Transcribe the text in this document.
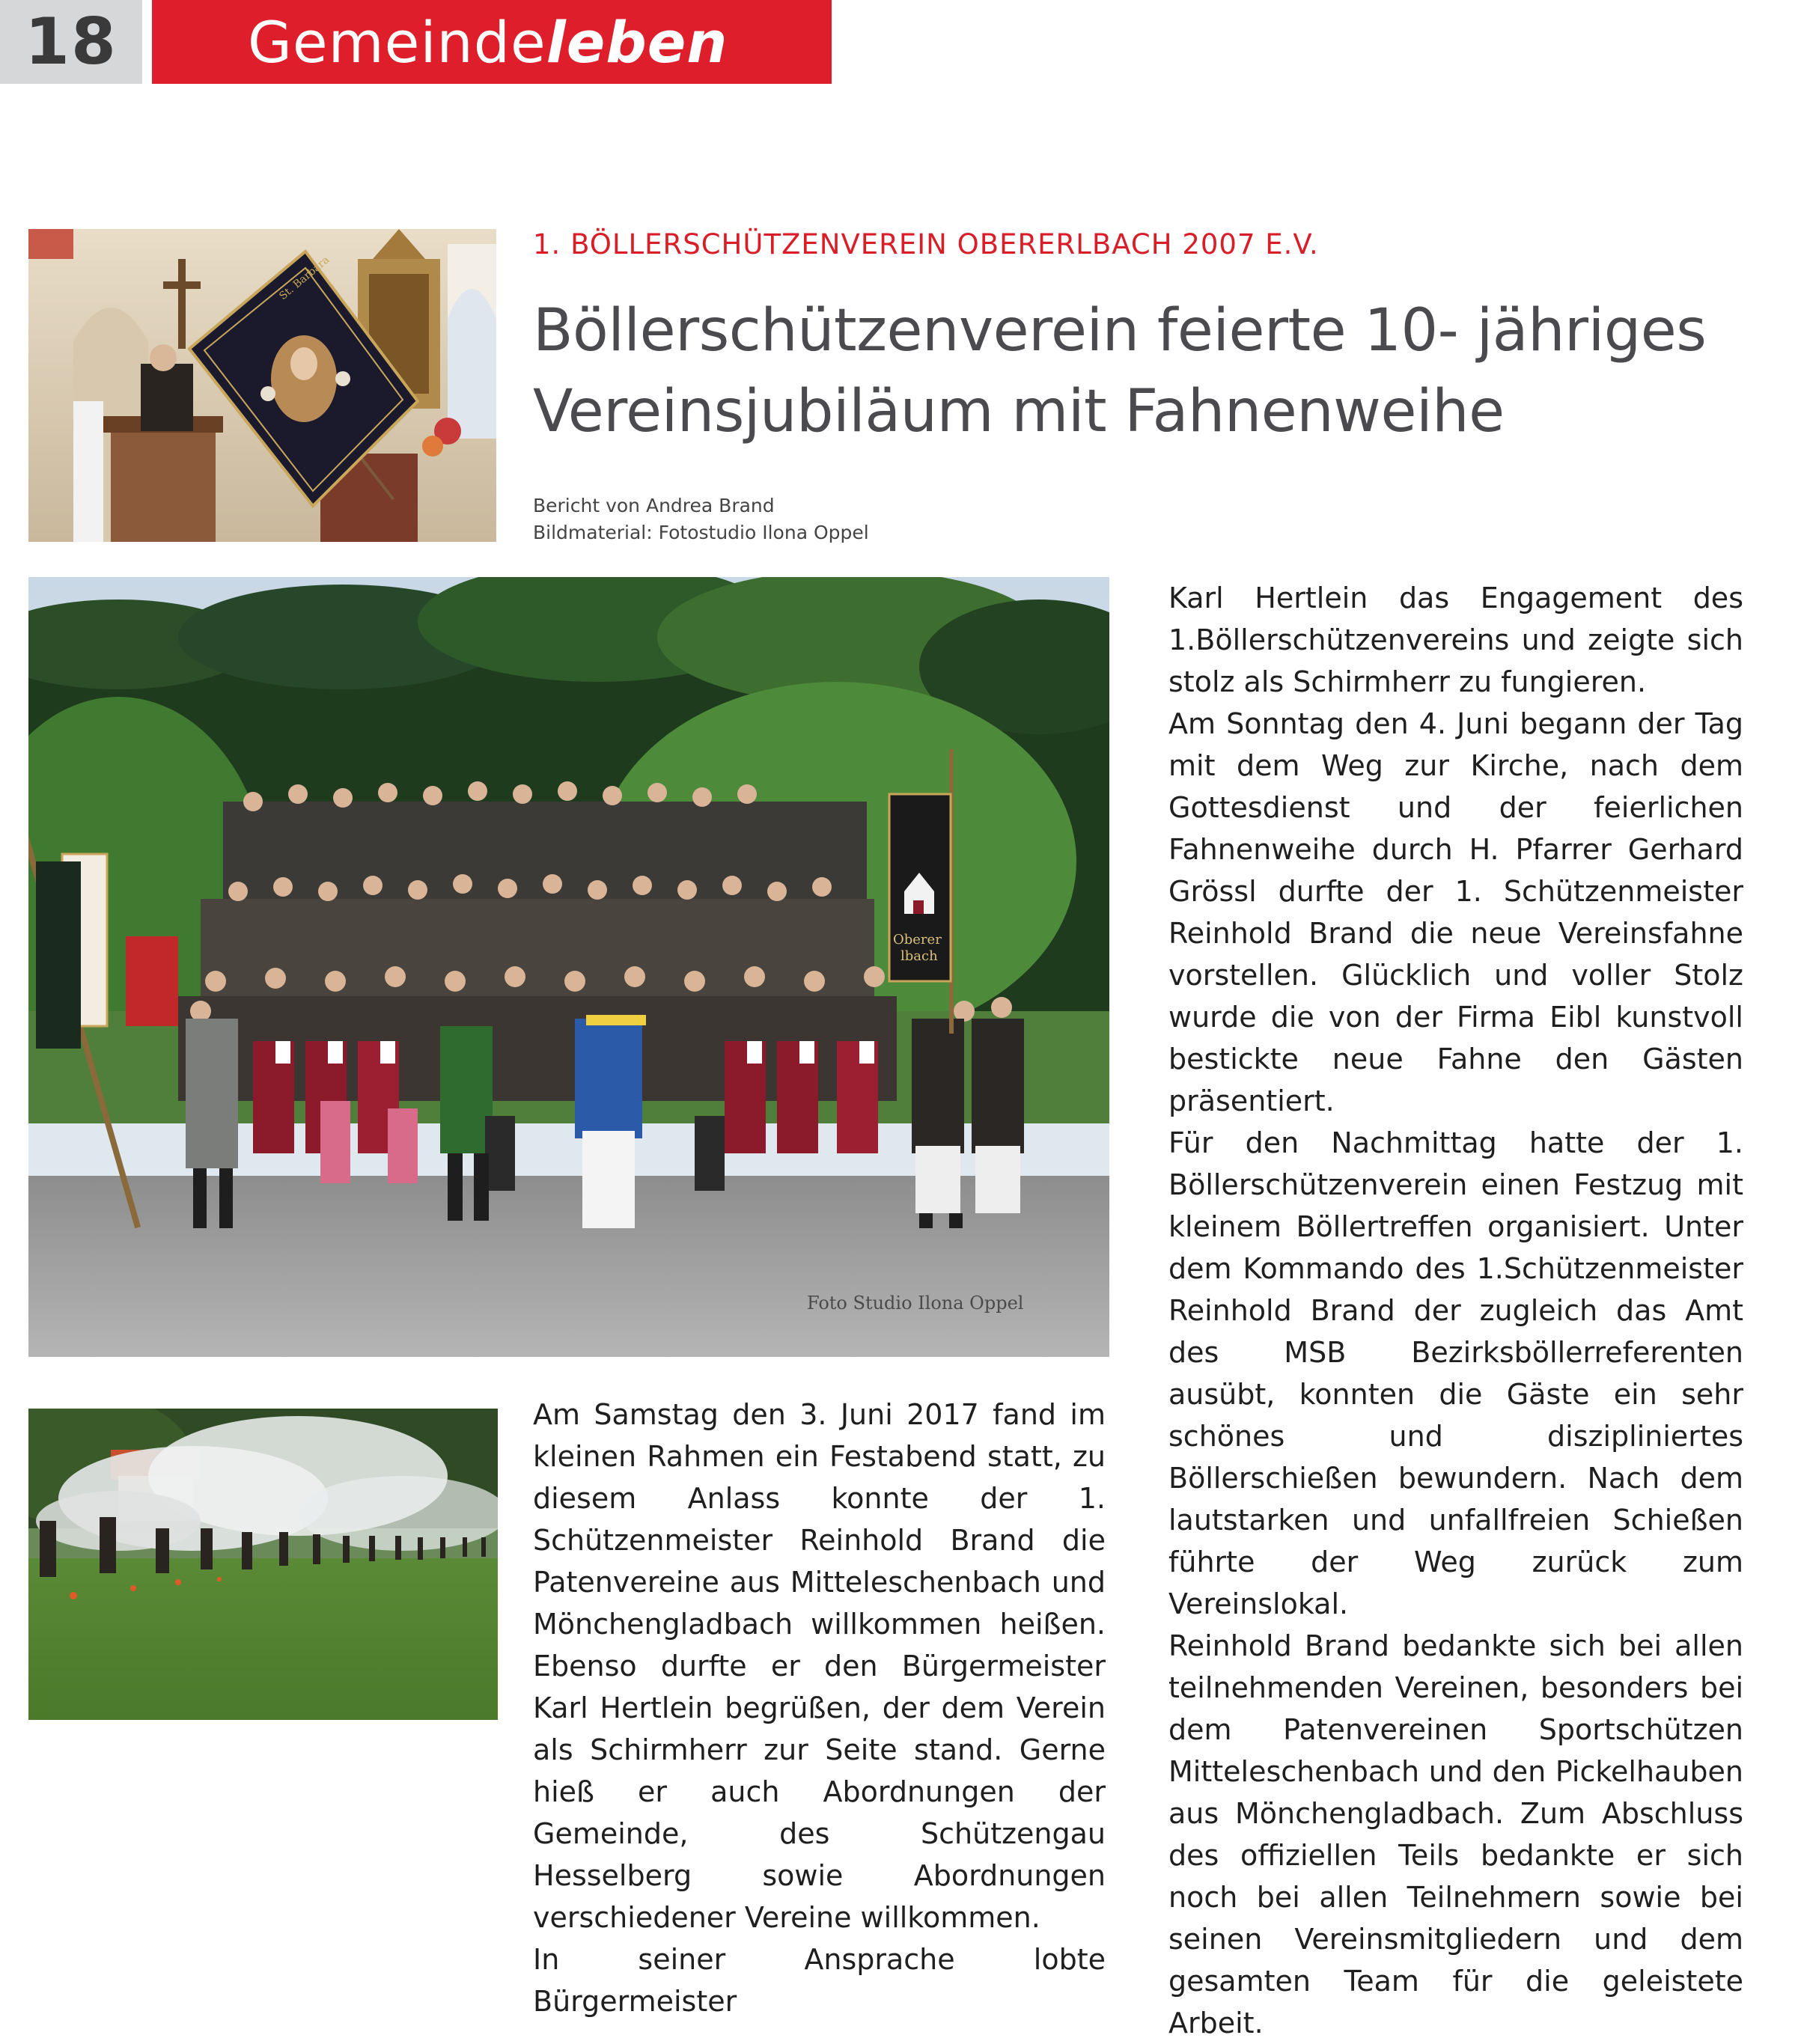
18	Gemeinde leben
St. Barbara
1. BÖLLERSCHÜTZENVEREIN OBERERLBACH 2007 E.V.
Böllerschützenverein feierte 10- jähriges
Vereinsjubiläum mit Fahnenweihe
Bericht von Andrea Brand
Bildmaterial: Fotostudio Ilona Oppel
Oberer
lbach
Foto Studio Ilona Oppel

Am Samstag den 3. Juni 2017 fand im kleinen Rahmen ein Festabend statt, zu diesem Anlass konnte der 1. Schützenmeister Reinhold Brand die Patenvereine aus Mitteleschenbach und Mönchengladbach willkommen heißen. Ebenso durfte er den Bürgermeister Karl Hertlein begrüßen, der dem Verein als Schirmherr zur Seite stand. Gerne hieß er auch Abordnungen der Gemeinde, des Schützengau Hesselberg sowie Abordnungen verschiedener Vereine willkommen.

In seiner Ansprache lobte Bürgermeister

Karl Hertlein das Engagement des 1.Böllerschützenvereins und zeigte sich stolz als Schirmherr zu fungieren.

Am Sonntag den 4. Juni begann der Tag mit dem Weg zur Kirche, nach dem Gottesdienst und der feierlichen Fahnenweihe durch H. Pfarrer Gerhard Grössl durfte der 1. Schützenmeister Reinhold Brand die neue Vereinsfahne vorstellen. Glücklich und voller Stolz wurde die von der Firma Eibl kunstvoll bestickte neue Fahne den Gästen präsentiert.

Für den Nachmittag hatte der 1. Böllerschützenverein einen Festzug mit kleinem Böllertreffen organisiert. Unter dem Kommando des 1.Schützenmeister Reinhold Brand der zugleich das Amt des MSB Bezirksböllerreferenten ausübt, konnten die Gäste ein sehr schönes und diszipliniertes Böllerschießen bewundern. Nach dem lautstarken und unfallfreien Schießen führte der Weg zurück zum Vereinslokal.

Reinhold Brand bedankte sich bei allen teilnehmenden Vereinen, besonders bei dem Patenvereinen Sportschützen Mitteleschenbach und den Pickelhauben aus Mönchengladbach. Zum Abschluss des offiziellen Teils bedankte er sich noch bei allen Teilnehmern sowie bei seinen Vereinsmitgliedern und dem gesamten Team für die geleistete Arbeit.
